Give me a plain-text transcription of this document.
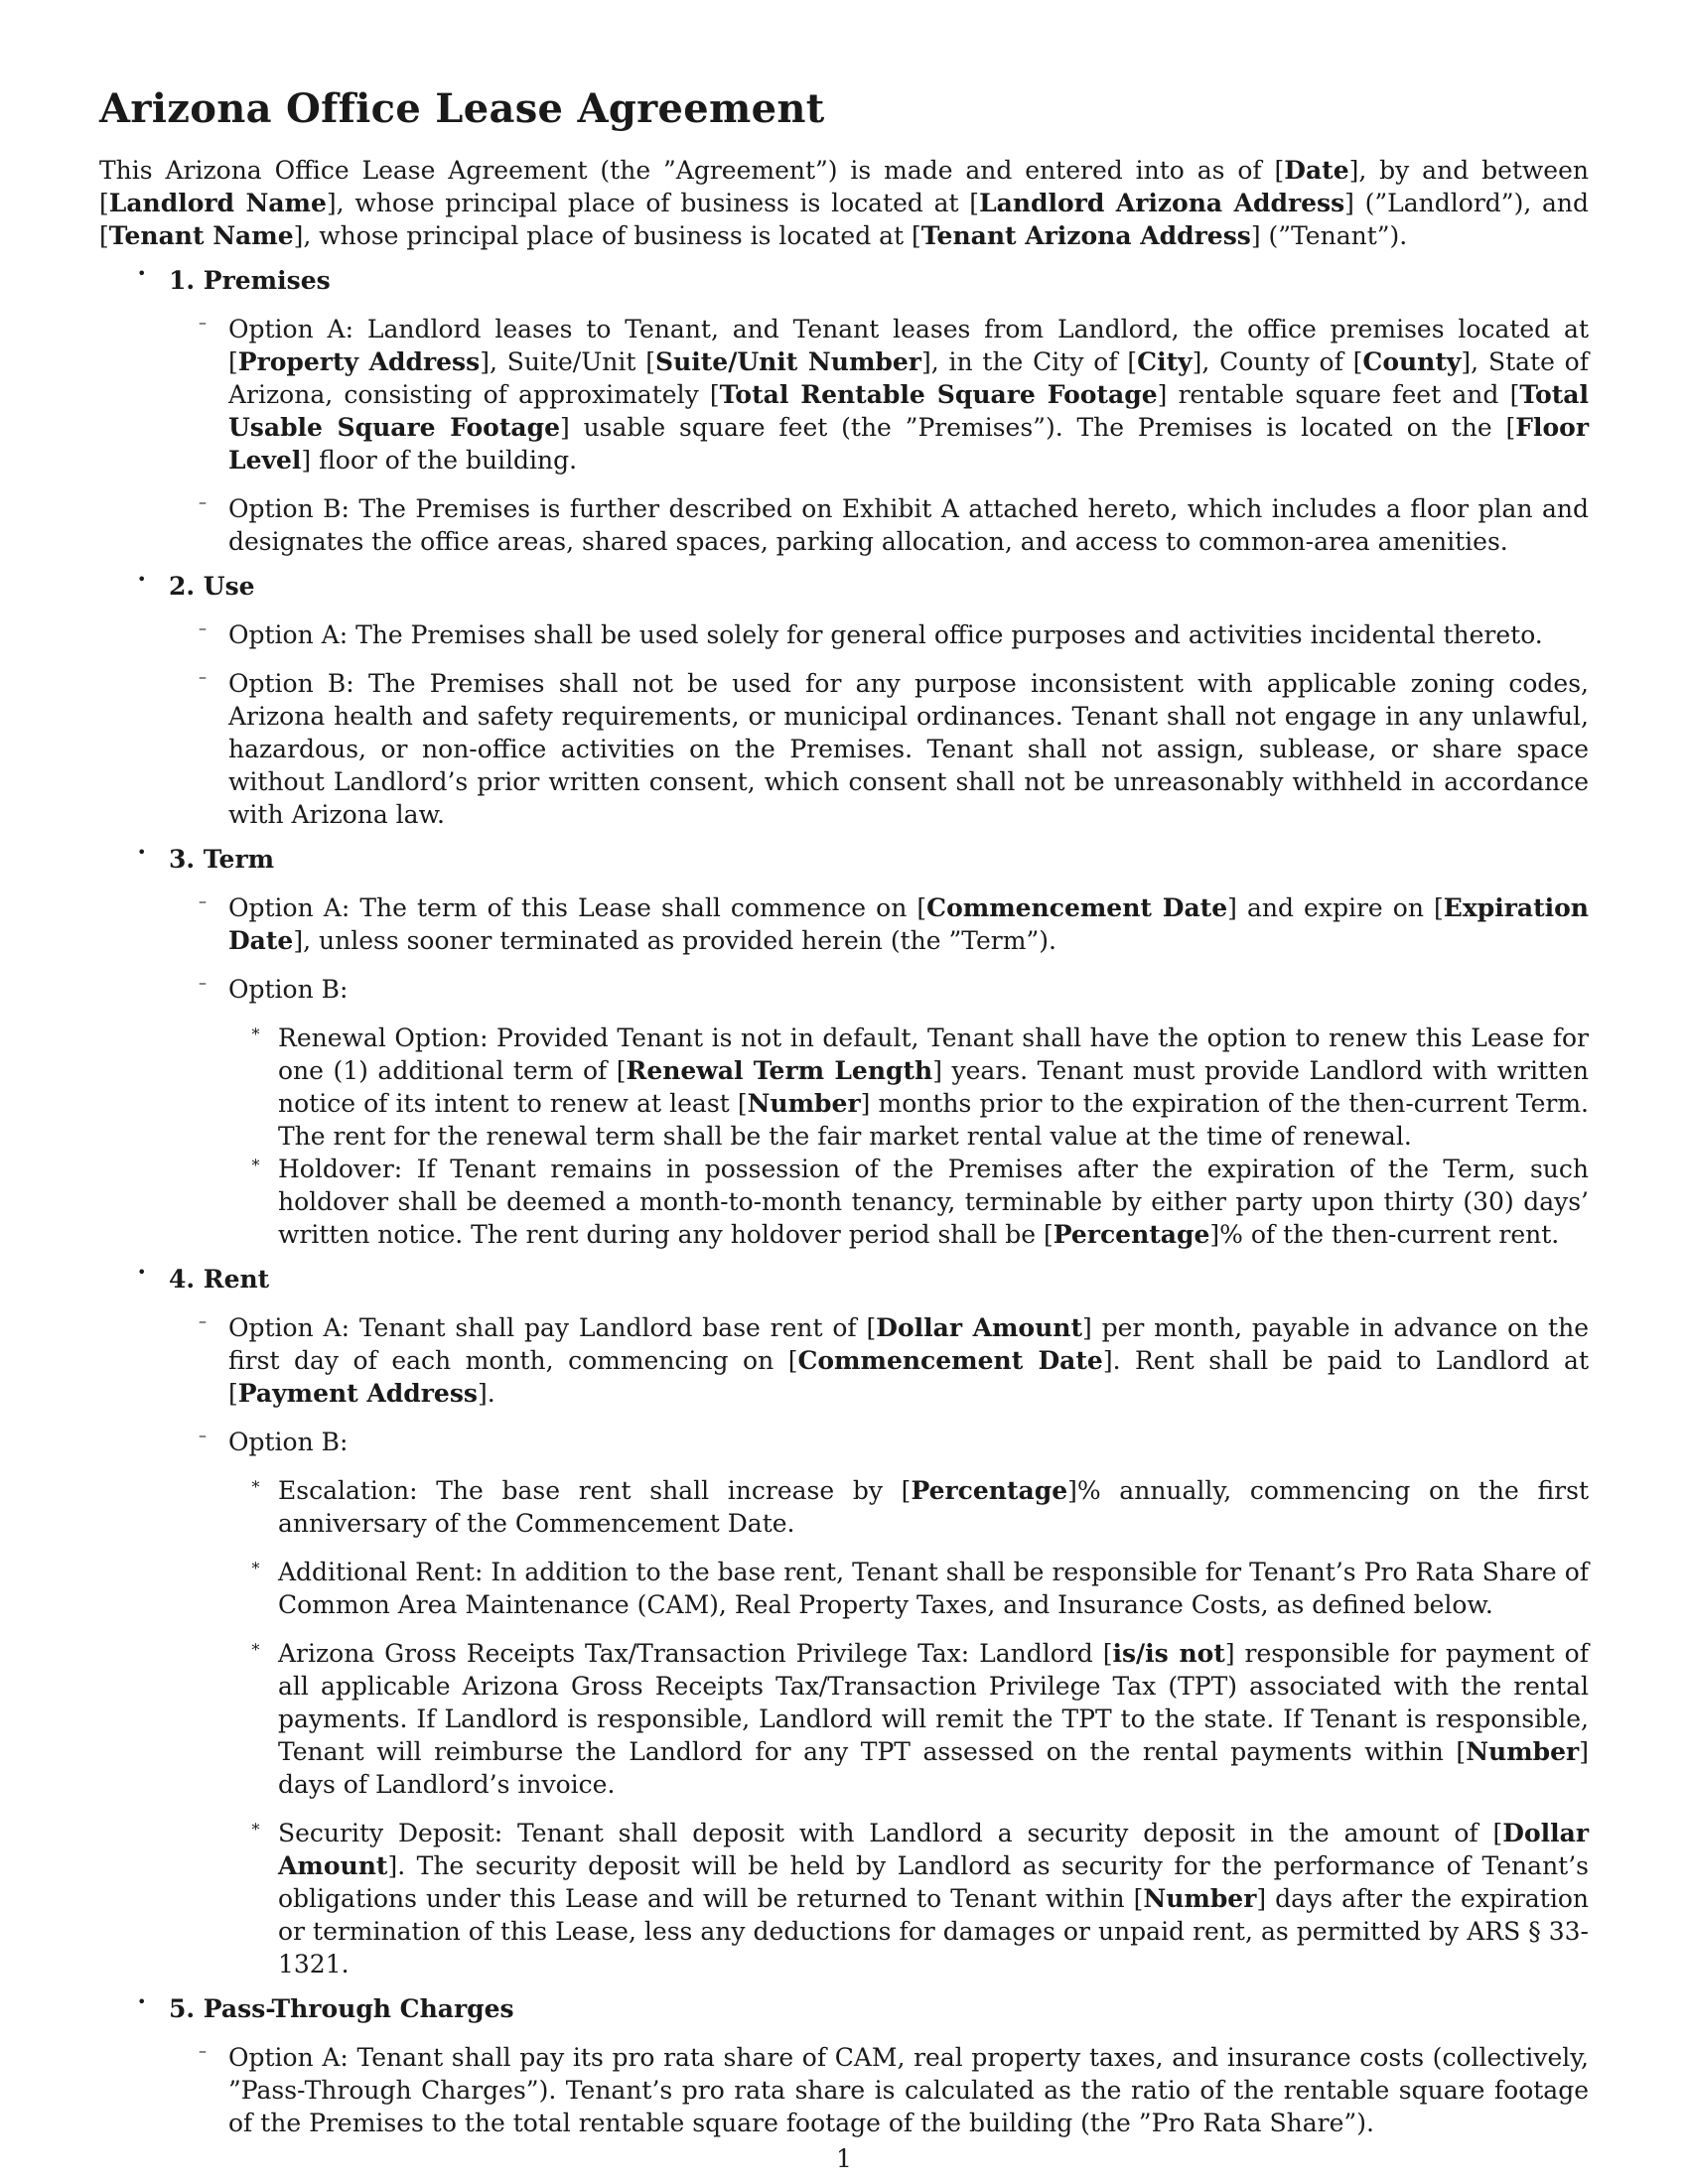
Arizona Office Lease Agreement

This Arizona Office Lease Agreement (the ”Agreement”) is made and entered into as of [Date], by and between [Landlord Name], whose principal place of business is located at [Landlord Arizona Address] (”Landlord”), and [Tenant Name], whose principal place of business is located at [Tenant Arizona Address] (”Tenant”).

• 1. Premises
– Option A: Landlord leases to Tenant, and Tenant leases from Landlord, the office premises located at [Property Address], Suite/Unit [Suite/Unit Number], in the City of [City], County of [County], State of Arizona, consisting of approximately [Total Rentable Square Footage] rentable square feet and [Total Usable Square Footage] usable square feet (the ”Premises”). The Premises is located on the [Floor Level] floor of the building.

– Option B: The Premises is further described on Exhibit A attached hereto, which includes a floor plan and designates the office areas, shared spaces, parking allocation, and access to common-area amenities.

• 2. Use
– Option A: The Premises shall be used solely for general office purposes and activities incidental thereto.

– Option B: The Premises shall not be used for any purpose inconsistent with applicable zoning codes, Arizona health and safety requirements, or municipal ordinances. Tenant shall not engage in any unlawful, hazardous, or non-office activities on the Premises. Tenant shall not assign, sublease, or share space without Landlord’s prior written consent, which consent shall not be unreasonably withheld in accordance with Arizona law.

• 3. Term
– Option A: The term of this Lease shall commence on [Commencement Date] and expire on [Expiration Date], unless sooner terminated as provided herein (the ”Term”).

– Option B:

∗ Renewal Option: Provided Tenant is not in default, Tenant shall have the option to renew this Lease for one (1) additional term of [Renewal Term Length] years. Tenant must provide Landlord with written notice of its intent to renew at least [Number] months prior to the expiration of the then-current Term. The rent for the renewal term shall be the fair market rental value at the time of renewal.

∗ Holdover: If Tenant remains in possession of the Premises after the expiration of the Term, such holdover shall be deemed a month-to-month tenancy, terminable by either party upon thirty (30) days’ written notice. The rent during any holdover period shall be [Percentage]% of the then-current rent.

• 4. Rent
– Option A: Tenant shall pay Landlord base rent of [Dollar Amount] per month, payable in advance on the first day of each month, commencing on [Commencement Date]. Rent shall be paid to Landlord at [Payment Address].

– Option B:

∗ Escalation: The base rent shall increase by [Percentage]% annually, commencing on the first anniversary of the Commencement Date.

∗ Additional Rent: In addition to the base rent, Tenant shall be responsible for Tenant’s Pro Rata Share of Common Area Maintenance (CAM), Real Property Taxes, and Insurance Costs, as defined below.

∗ Arizona Gross Receipts Tax/Transaction Privilege Tax: Landlord [is/is not] responsible for payment of all applicable Arizona Gross Receipts Tax/Transaction Privilege Tax (TPT) associated with the rental payments. If Landlord is responsible, Landlord will remit the TPT to the state. If Tenant is responsible, Tenant will reimburse the Landlord for any TPT assessed on the rental payments within [Number] days of Landlord’s invoice.

∗ Security Deposit: Tenant shall deposit with Landlord a security deposit in the amount of [Dollar Amount]. The security deposit will be held by Landlord as security for the performance of Tenant’s obligations under this Lease and will be returned to Tenant within [Number] days after the expiration or termination of this Lease, less any deductions for damages or unpaid rent, as permitted by ARS § 33-1321.

• 5. Pass-Through Charges
– Option A: Tenant shall pay its pro rata share of CAM, real property taxes, and insurance costs (collectively, ”Pass-Through Charges”). Tenant’s pro rata share is calculated as the ratio of the rentable square footage of the Premises to the total rentable square footage of the building (the ”Pro Rata Share”).

1
